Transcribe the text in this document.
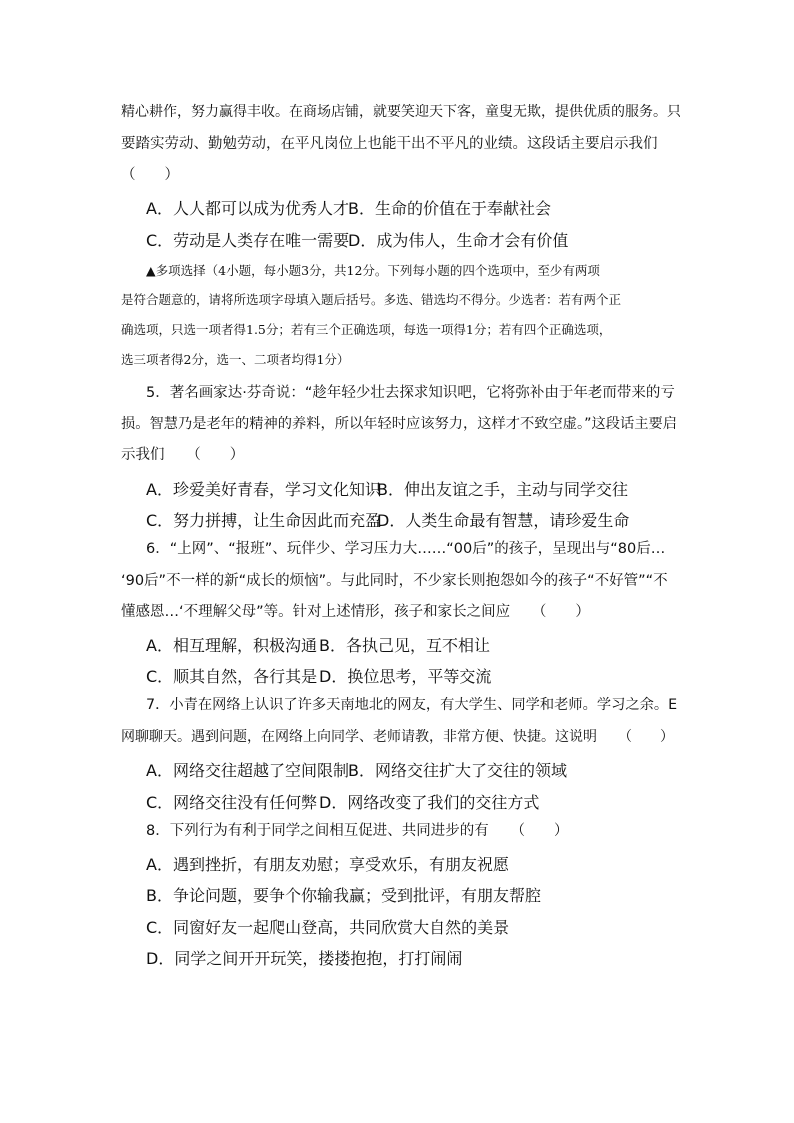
精心耕作，努力赢得丰收。在商场店铺，就要笑迎天下客，童叟无欺，提供优质的服务。只
要踏实劳动、勤勉劳动，在平凡岗位上也能干出不平凡的业绩。这段话主要启示我们
（　　）
A．人人都可以成为优秀人才 B．生命的价值在于奉献社会
C．劳动是人类存在唯一需要
D．成为伟人，生命才会有价值
▲多项选择（4小题，每小题3分，共12分。下列每小题的四个选项中，至少有两项
是符合题意的，请将所选项字母填入题后括号。多选、错选均不得分。少选者：若有两个正
确选项，只选一项者得1.5分；若有三个正确选项，每选一项得1分；若有四个正确选项，
选三项者得2分，选一、二项者均得1分）
5．著名画家达·芬奇说：“趁年轻少壮去探求知识吧，它将弥补由于年老而带来的亏
损。智慧乃是老年的精神的养料，所以年轻时应该努力，这样才不致空虚。”这段话主要启
示我们　　（　　）
A．珍爱美好青春，学习文化知识
B．伸出友谊之手，主动与同学交往
C．努力拼搏，让生命因此而充盈
D．人类生命最有智慧，请珍爱生命
6．“上网”、“报班”、玩伴少、学习压力大……“00后”的孩子，呈现出与“80后…
‘90后”不一样的新“成长的烦恼”。与此同时，不少家长则抱怨如今的孩子“不好管”“不
懂感恩…‘不理解父母”等。针对上述情形，孩子和家长之间应　　（　　）
A．相互理解，积极沟通 B．各执己见，互不相让
C．顺其自然，各行其是 D．换位思考，平等交流
7．小青在网络上认识了许多天南地北的网友，有大学生、同学和老师。学习之余。E
网聊聊天。遇到问题，在网络上向同学、老师请教，非常方便、快捷。这说明　　（　　）
A．网络交往超越了空间限制 B．网络交往扩大了交往的领域
C．网络交往没有任何弊 D．网络改变了我们的交往方式
8．下列行为有利于同学之间相互促进、共同进步的有　　（　　）
A．遇到挫折，有朋友劝慰；享受欢乐，有朋友祝愿
B．争论问题，要争个你输我赢；受到批评，有朋友帮腔
C．同窗好友一起爬山登高，共同欣赏大自然的美景
D．同学之间开开玩笑，搂搂抱抱，打打闹闹
